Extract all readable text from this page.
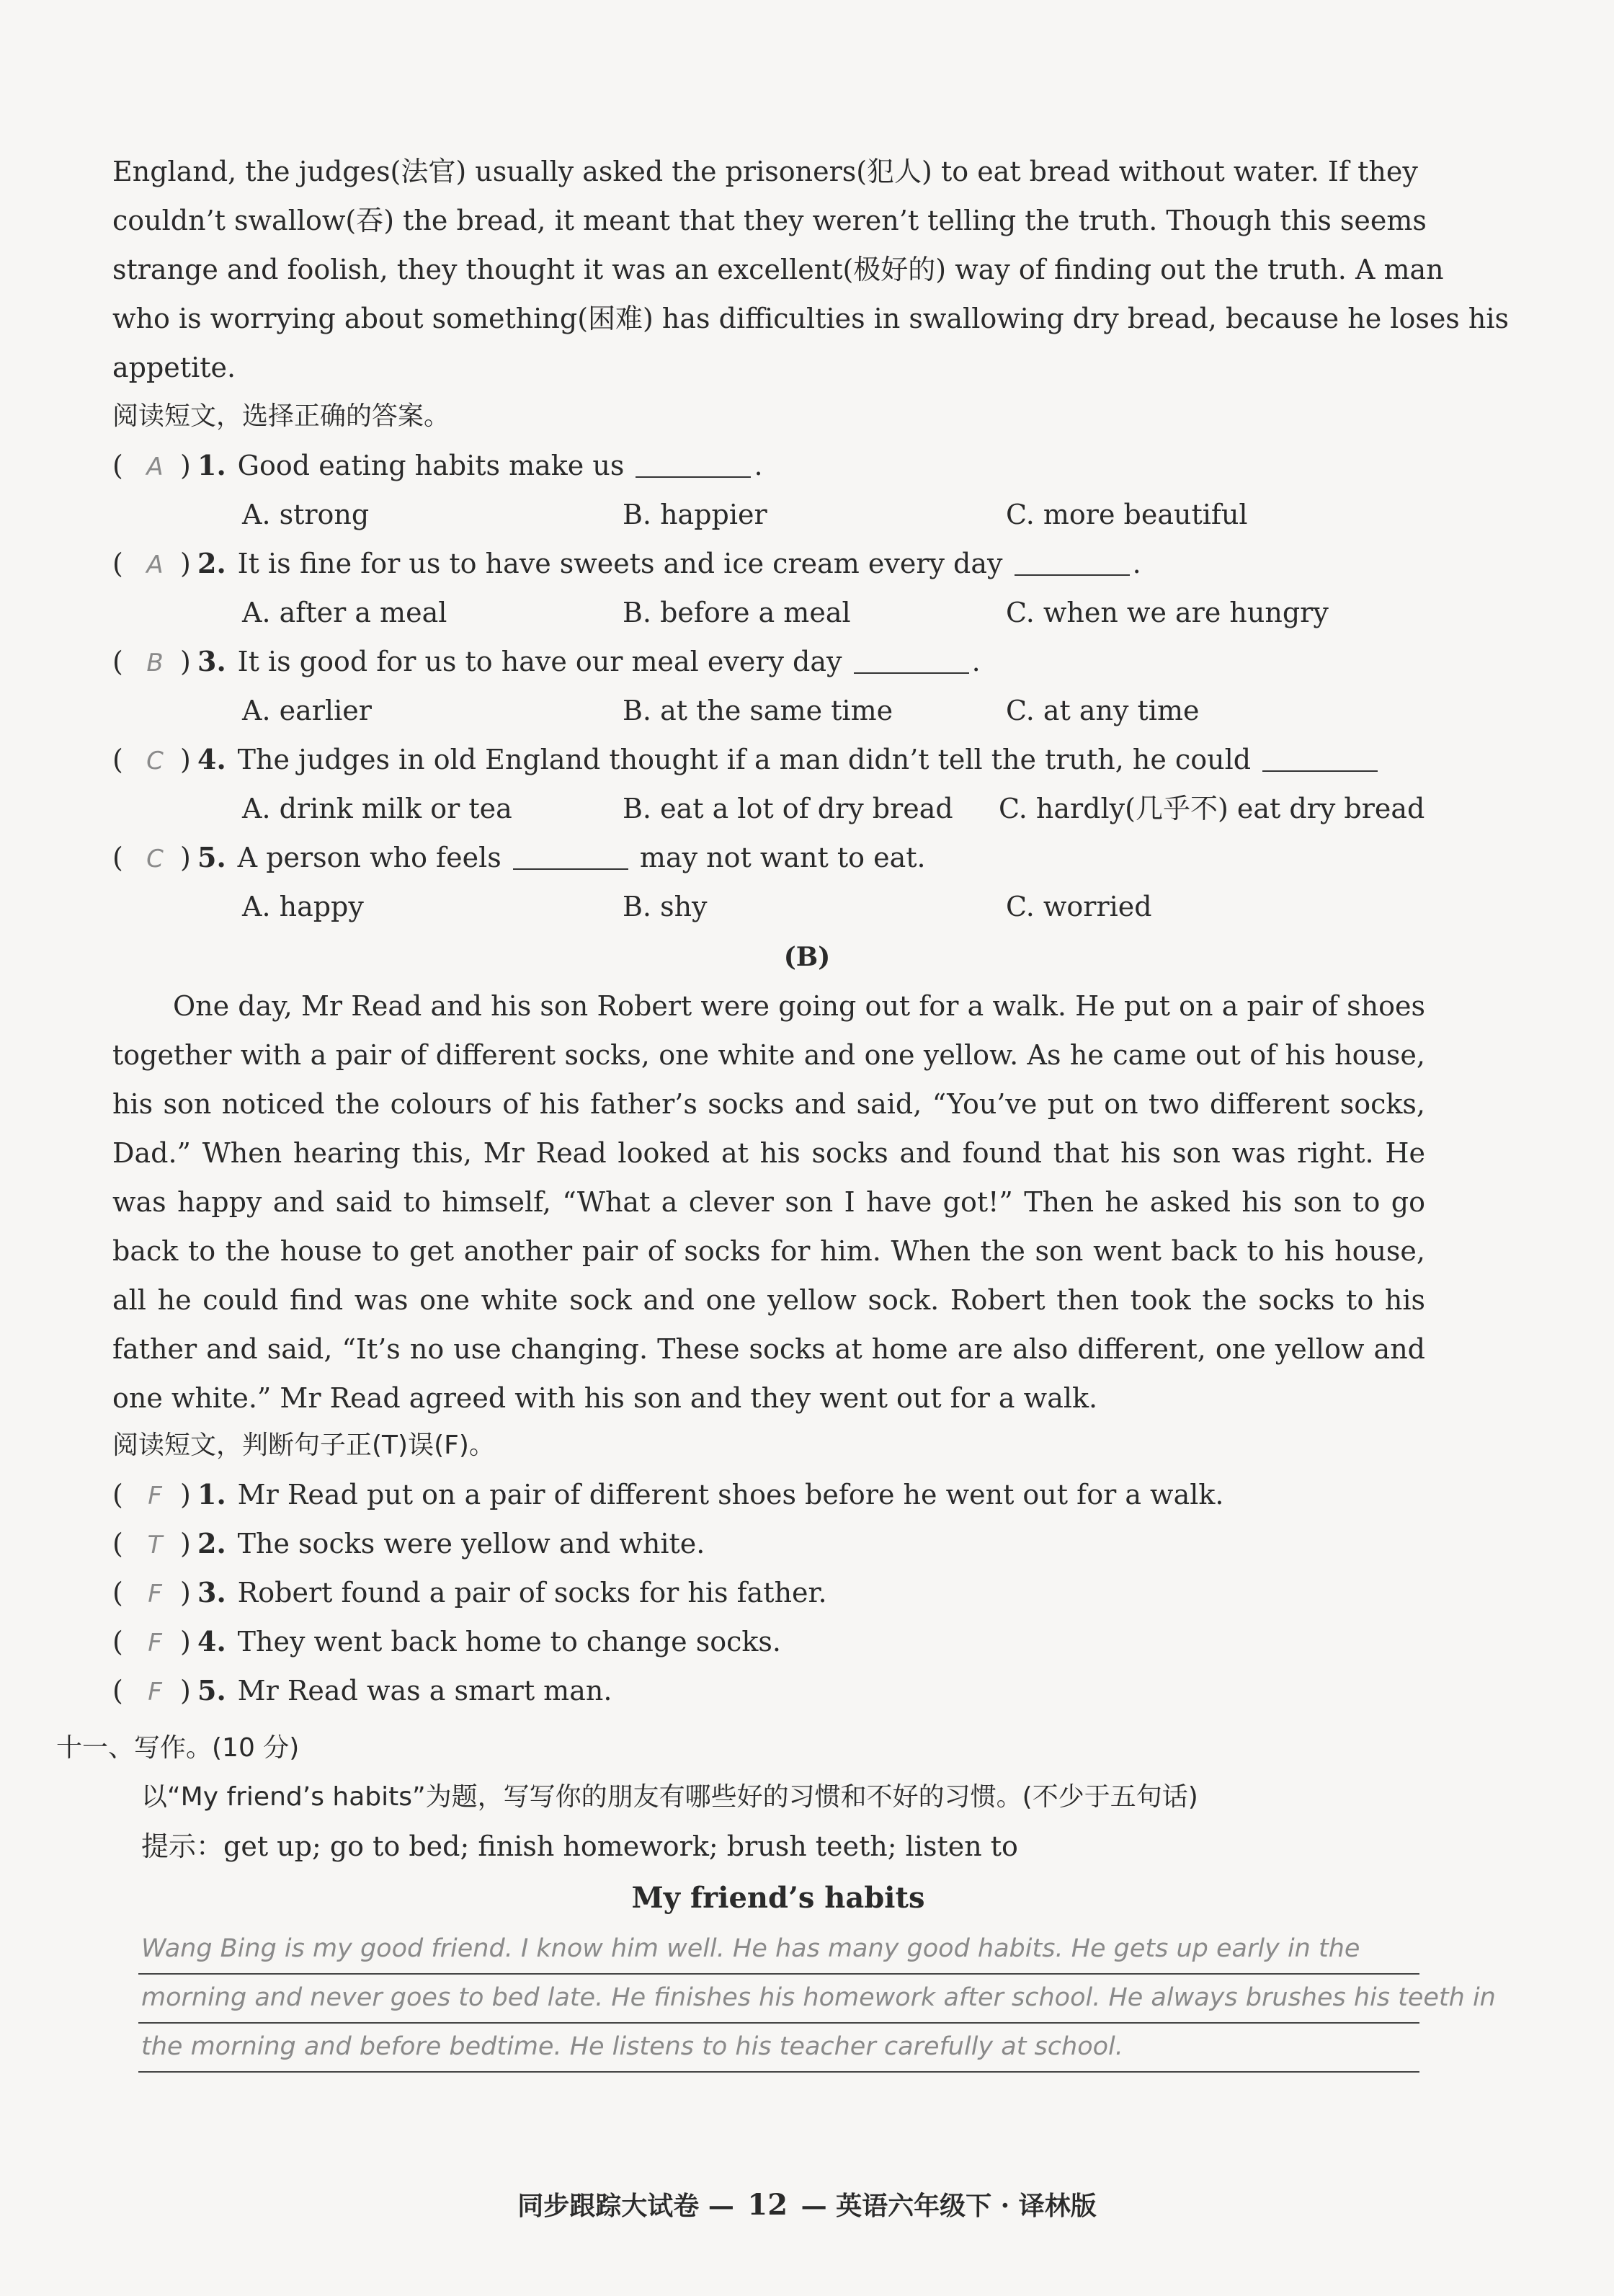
England, the judges(法官) usually asked the prisoners(犯人) to eat bread without water. If they
couldn’t swallow(吞) the bread, it meant that they weren’t telling the truth. Though this seems
strange and foolish, they thought it was an excellent(极好的) way of finding out the truth. A man
who is worrying about something(困难) has difficulties in swallowing dry bread, because he loses his
appetite.
阅读短文，选择正确的答案。
( A ) 1. Good eating habits make us	.
A. strong	B. happier	C. more beautiful
( A ) 2. It is fine for us to have sweets and ice cream every day	.
A. after a meal	B. before a meal	C. when we are hungry
( B ) 3. It is good for us to have our meal every day	.
A. earlier	B. at the same time	C. at any time
( C ) 4. The judges in old England thought if a man didn’t tell the truth, he could
A. drink milk or tea	B. eat a lot of dry bread C. hardly(几乎不) eat dry bread
( C ) 5. A person who feels	may not want to eat.
A. happy	B. shy	C. worried
(B)
One day, Mr Read and his son Robert were going out for a walk. He put on a pair of shoes together with a pair of different socks, one white and one yellow. As he came out of his house, his son noticed the colours of his father’s socks and said, “You’ve put on two different socks, Dad.” When hearing this, Mr Read looked at his socks and found that his son was right. He was happy and said to himself, “What a clever son I have got!” Then he asked his son to go back to the house to get another pair of socks for him. When the son went back to his house, all he could find was one white sock and one yellow sock. Robert then took the socks to his father and said, “It’s no use changing. These socks at home are also different, one yellow and one white.” Mr Read agreed with his son and they went out for a walk.
阅读短文，判断句子正(T)误(F)。
( F ) 1. Mr Read put on a pair of different shoes before he went out for a walk.
( T ) 2. The socks were yellow and white.
( F ) 3. Robert found a pair of socks for his father.
( F ) 4. They went back home to change socks.
( F ) 5. Mr Read was a smart man.
十一、写作。(10 分)
以“My friend’s habits”为题，写写你的朋友有哪些好的习惯和不好的习惯。(不少于五句话)
提示：get up; go to bed; finish homework; brush teeth; listen to
My friend’s habits
Wang Bing is my good friend. I know him well. He has many good habits. He gets up early in the
morning and never goes to bed late. He finishes his homework after school. He always brushes his teeth in
the morning and before bedtime. He listens to his teacher carefully at school.
同步跟踪大试卷 — 12 — 英语六年级下 · 译林版
